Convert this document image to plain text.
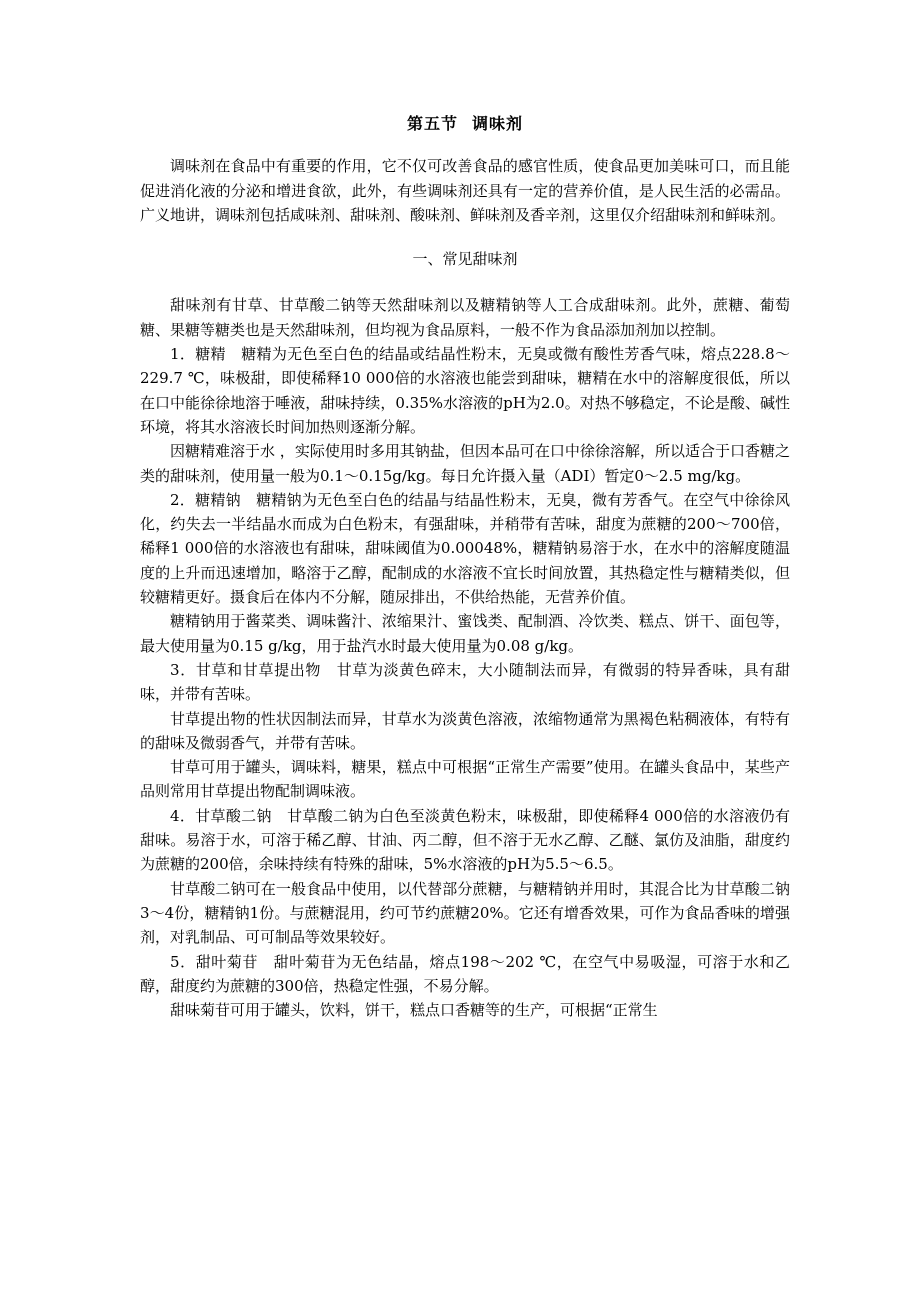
第五节 调味剂

调味剂在食品中有重要的作用，它不仅可改善食品的感官性质，使食品更加美味可口，而且能促进消化液的分泌和增进食欲，此外，有些调味剂还具有一定的营养价值，是人民生活的必需品。广义地讲，调味剂包括咸味剂、甜味剂、酸味剂、鲜味剂及香辛剂，这里仅介绍甜味剂和鲜味剂。

一、常见甜味剂

甜味剂有甘草、甘草酸二钠等天然甜味剂以及糖精钠等人工合成甜味剂。此外，蔗糖、葡萄糖、果糖等糖类也是天然甜味剂，但均视为食品原料，一般不作为食品添加剂加以控制。

1．糖精　糖精为无色至白色的结晶或结晶性粉末，无臭或微有酸性芳香气味，熔点228.8～229.7 ℃，味极甜，即使稀释10 000倍的水溶液也能尝到甜味，糖精在水中的溶解度很低，所以在口中能徐徐地溶于唾液，甜味持续，0.35%水溶液的pH为2.0。对热不够稳定，不论是酸、碱性环境，将其水溶液长时间加热则逐渐分解。

因糖精难溶于水 ，实际使用时多用其钠盐，但因本品可在口中徐徐溶解，所以适合于口香糖之类的甜味剂，使用量一般为0.1～0.15g/kg。每日允许摄入量（ADI）暂定0～2.5 mg/kg。

2．糖精钠　糖精钠为无色至白色的结晶与结晶性粉末，无臭，微有芳香气。在空气中徐徐风化，约失去一半结晶水而成为白色粉末，有强甜味，并稍带有苦味，甜度为蔗糖的200～700倍，稀释1 000倍的水溶液也有甜味，甜味阈值为0.00048%，糖精钠易溶于水，在水中的溶解度随温度的上升而迅速增加，略溶于乙醇，配制成的水溶液不宜长时间放置，其热稳定性与糖精类似，但较糖精更好。摄食后在体内不分解，随尿排出，不供给热能，无营养价值。

糖精钠用于酱菜类、调味酱汁、浓缩果汁、蜜饯类、配制酒、冷饮类、糕点、饼干、面包等，最大使用量为0.15 g/kg，用于盐汽水时最大使用量为0.08 g/kg。

3．甘草和甘草提出物　甘草为淡黄色碎末，大小随制法而异，有微弱的特异香味，具有甜味，并带有苦味。

甘草提出物的性状因制法而异，甘草水为淡黄色溶液，浓缩物通常为黑褐色粘稠液体，有特有的甜味及微弱香气，并带有苦味。

甘草可用于罐头，调味料，糖果，糕点中可根据“正常生产需要”使用。在罐头食品中，某些产品则常用甘草提出物配制调味液。

4．甘草酸二钠　甘草酸二钠为白色至淡黄色粉末，味极甜，即使稀释4 000倍的水溶液仍有甜味。易溶于水，可溶于稀乙醇、甘油、丙二醇，但不溶于无水乙醇、乙醚、氯仿及油脂，甜度约为蔗糖的200倍，余味持续有特殊的甜味，5%水溶液的pH为5.5～6.5。

甘草酸二钠可在一般食品中使用，以代替部分蔗糖，与糖精钠并用时，其混合比为甘草酸二钠3～4份，糖精钠1份。与蔗糖混用，约可节约蔗糖20%。它还有增香效果，可作为食品香味的增强剂，对乳制品、可可制品等效果较好。

5．甜叶菊苷　甜叶菊苷为无色结晶，熔点198～202 ℃，在空气中易吸湿，可溶于水和乙醇，甜度约为蔗糖的300倍，热稳定性强，不易分解。

甜味菊苷可用于罐头，饮料，饼干，糕点口香糖等的生产，可根据“正常生
